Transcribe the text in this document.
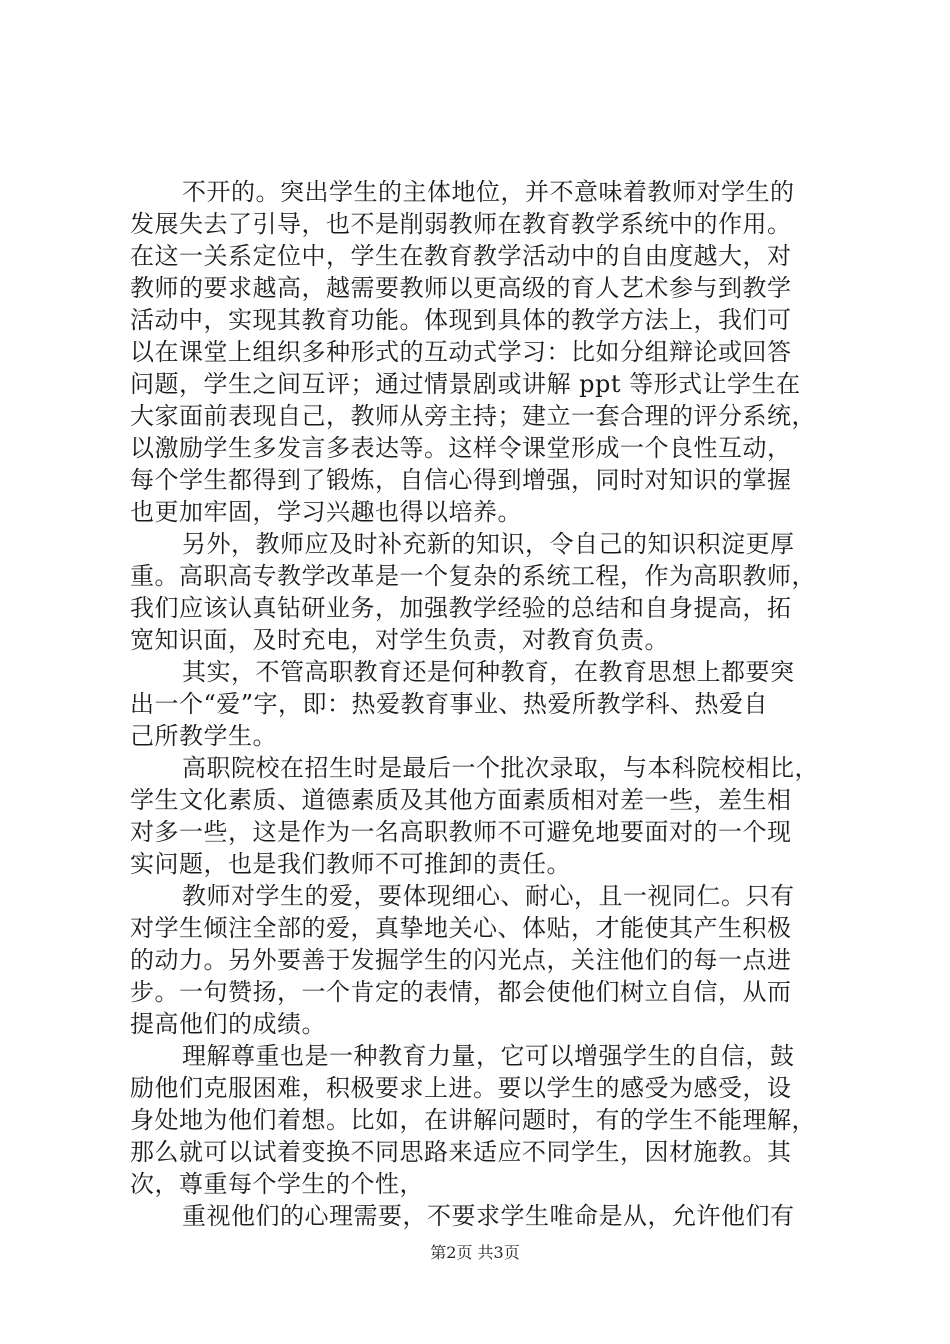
不开的。突出学生的主体地位，并不意味着教师对学生的
发展失去了引导，也不是削弱教师在教育教学系统中的作用。
在这一关系定位中，学生在教育教学活动中的自由度越大，对
教师的要求越高，越需要教师以更高级的育人艺术参与到教学
活动中，实现其教育功能。体现到具体的教学方法上，我们可
以在课堂上组织多种形式的互动式学习：比如分组辩论或回答
问题，学生之间互评；通过情景剧或讲解 ppt 等形式让学生在
大家面前表现自己，教师从旁主持；建立一套合理的评分系统，
以激励学生多发言多表达等。这样令课堂形成一个良性互动，
每个学生都得到了锻炼，自信心得到增强，同时对知识的掌握
也更加牢固，学习兴趣也得以培养。
另外，教师应及时补充新的知识，令自己的知识积淀更厚
重。高职高专教学改革是一个复杂的系统工程，作为高职教师，
我们应该认真钻研业务，加强教学经验的总结和自身提高，拓
宽知识面，及时充电，对学生负责，对教育负责。
其实，不管高职教育还是何种教育，在教育思想上都要突
出一个“爱”字，即：热爱教育事业、热爱所教学科、热爱自
己所教学生。
高职院校在招生时是最后一个批次录取，与本科院校相比，
学生文化素质、道德素质及其他方面素质相对差一些，差生相
对多一些，这是作为一名高职教师不可避免地要面对的一个现
实问题，也是我们教师不可推卸的责任。
教师对学生的爱，要体现细心、耐心，且一视同仁。只有
对学生倾注全部的爱，真挚地关心、体贴，才能使其产生积极
的动力。另外要善于发掘学生的闪光点，关注他们的每一点进
步。一句赞扬，一个肯定的表情，都会使他们树立自信，从而
提高他们的成绩。
理解尊重也是一种教育力量，它可以增强学生的自信，鼓
励他们克服困难，积极要求上进。要以学生的感受为感受，设
身处地为他们着想。比如，在讲解问题时，有的学生不能理解，
那么就可以试着变换不同思路来适应不同学生，因材施教。其
次，尊重每个学生的个性，
重视他们的心理需要，不要求学生唯命是从，允许他们有
第2页 共3页
